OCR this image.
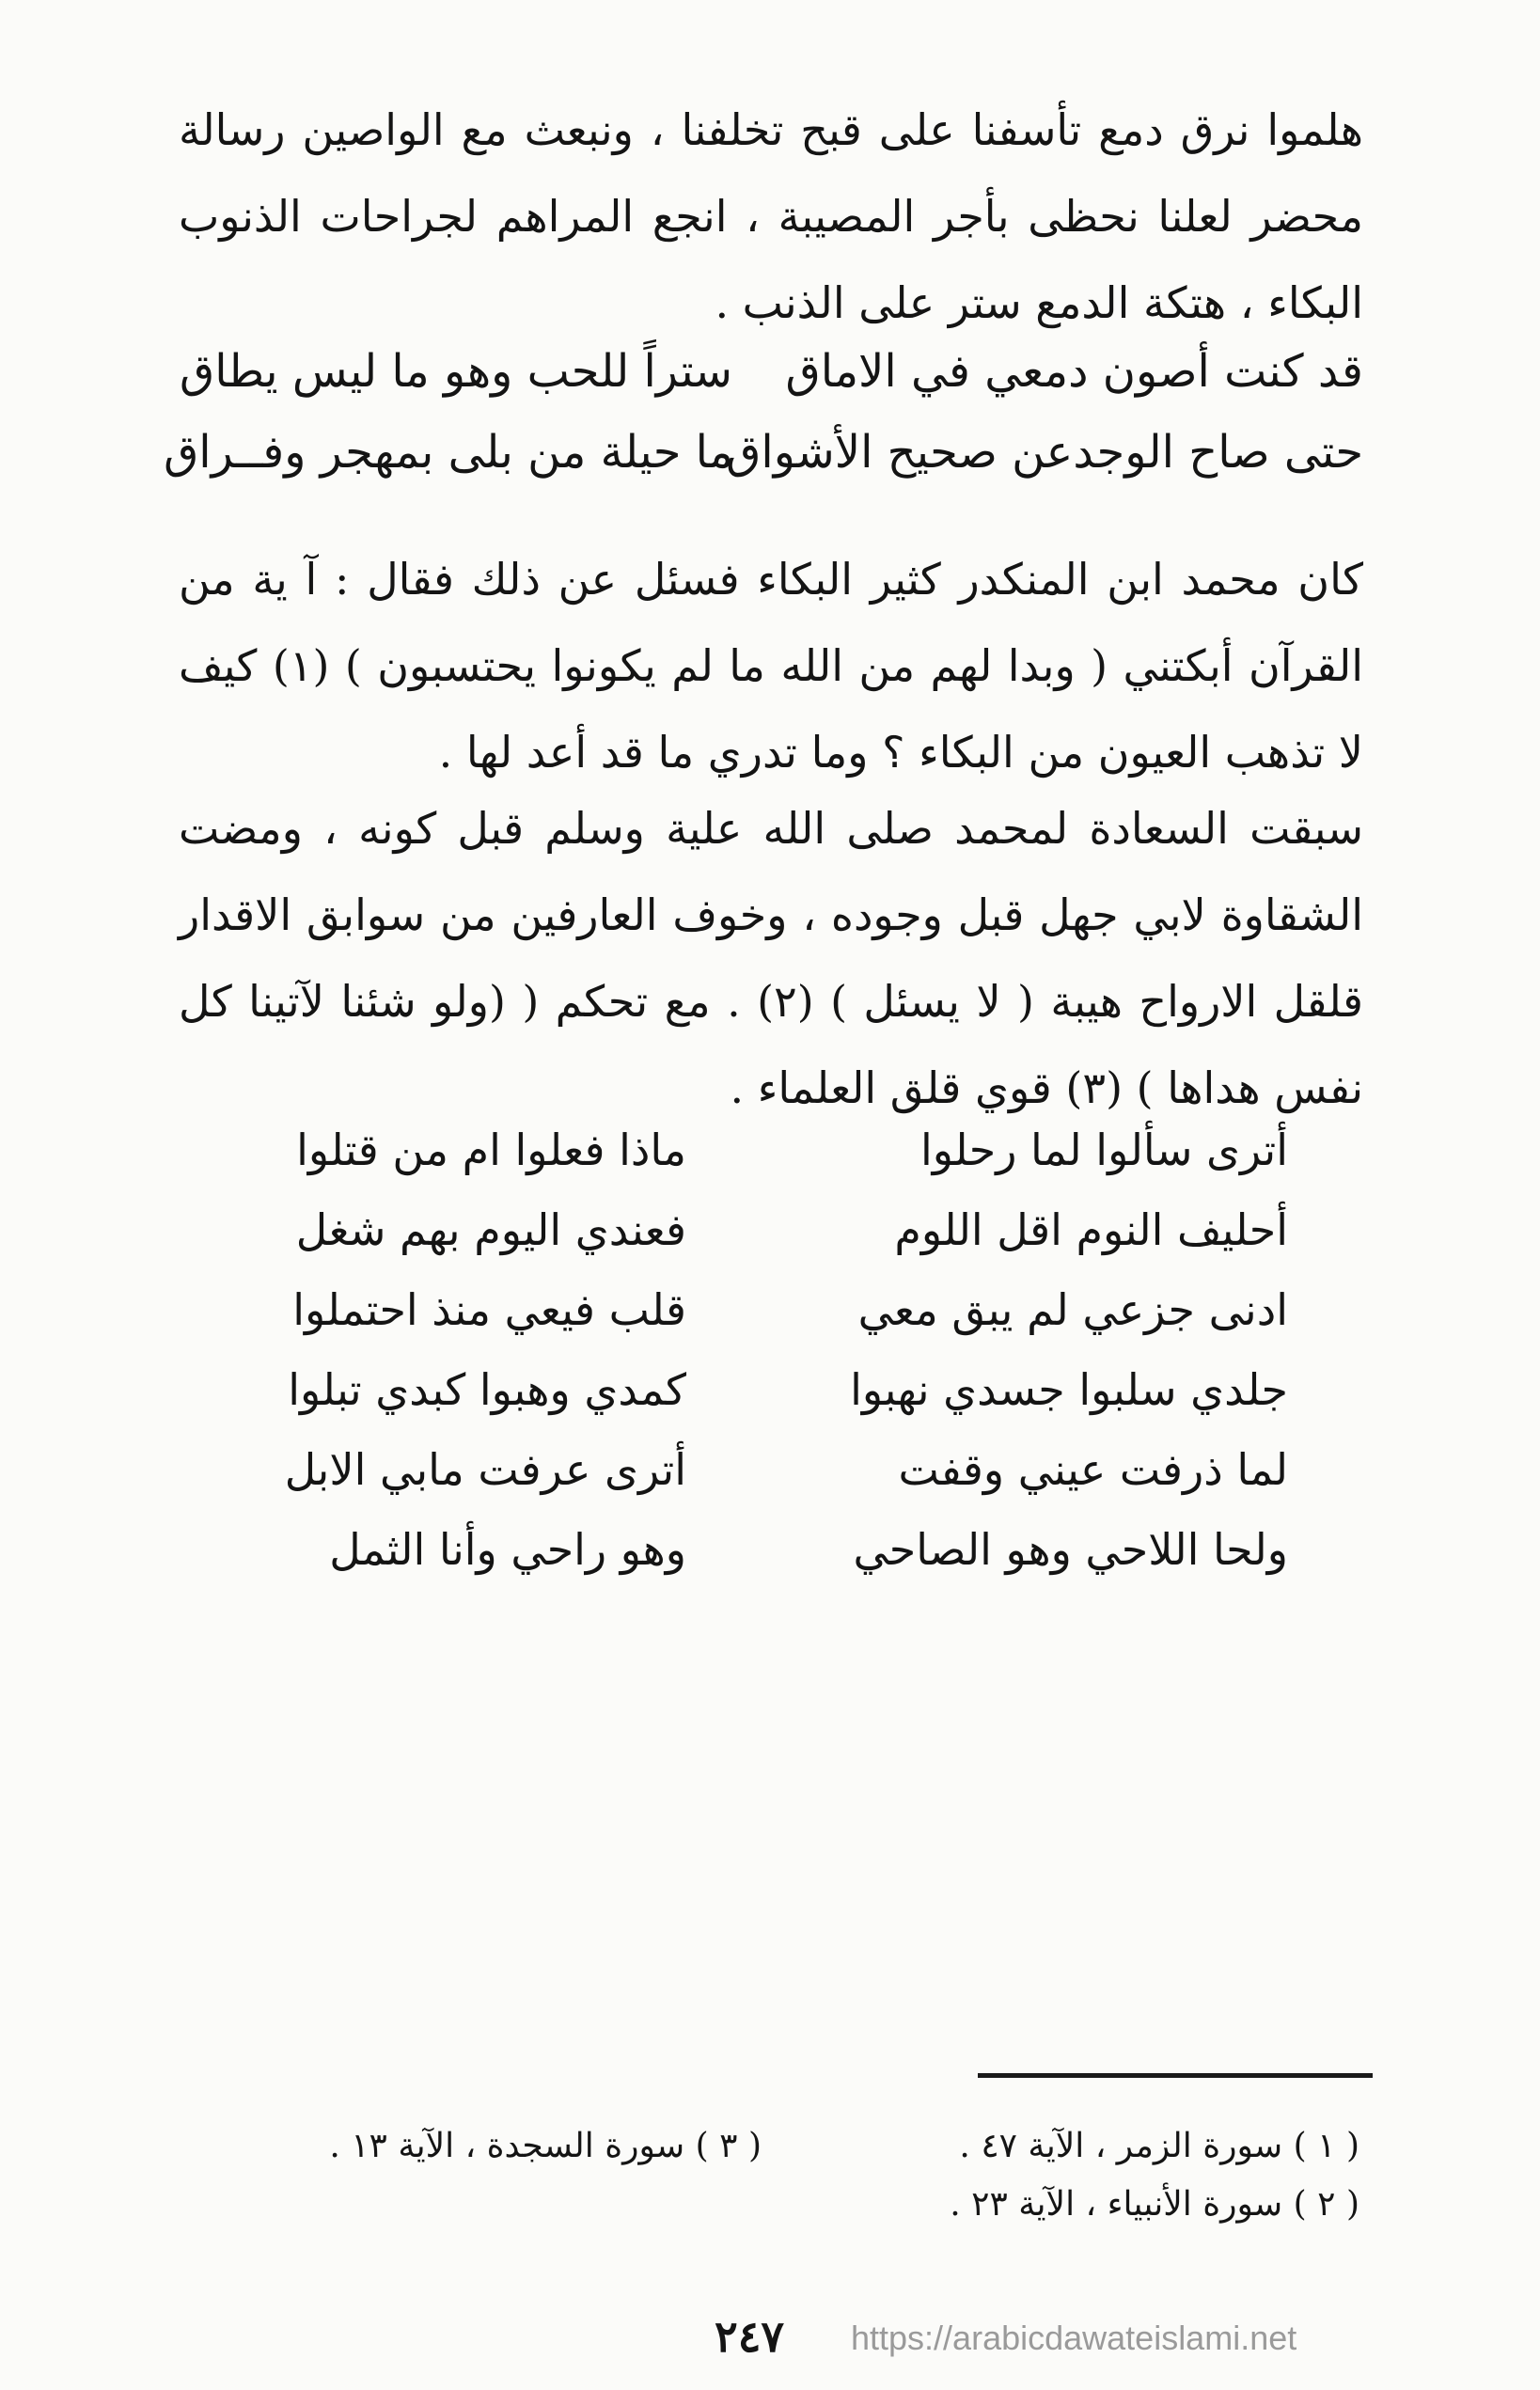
هلموا نرق دمع تأسفنا على قبح تخلفنا ، ونبعث مع الواصين رسالة محضر لعلنا نحظى بأجر المصيبة ، انجع المراهم لجراحات الذنوب البكاء ، هتكة الدمع ستر على الذنب .

قد كنت أصون دمعي في الاماق
ستراً للحب وهو ما ليس يطاق
حتى صاح الوجدعن صحيح الأشواق
ما حيلة من بلى بمهجر وفــراق

كان محمد ابن المنكدر كثير البكاء فسئل عن ذلك فقال : آ ية من القرآن أبكتني ( وبدا لهم من الله ما لم يكونوا يحتسبون ) (١) كيف لا تذهب العيون من البكاء ؟ وما تدري ما قد أعد لها .

سبقت السعادة لمحمد صلى الله علية وسلم قبل كونه ، ومضت الشقاوة لابي جهل قبل وجوده ، وخوف العارفين من سوابق الاقدار قلقل الارواح هيبة ( لا يسئل ) (٢) . مع تحكم ( (ولو شئنا لآتينا كل نفس هداها ) (٣) قوي قلق العلماء .

أترى سألوا لما رحلوا
ماذا فعلوا ام من قتلوا
أحليف النوم اقل اللوم
فعندي اليوم بهم شغل
ادنى جزعي لم يبق معي
قلب فيعي منذ احتملوا
جلدي سلبوا جسدي نهبوا
كمدي وهبوا كبدي تبلوا
لما ذرفت عيني وقفت
أترى عرفت مابي الابل
ولحا اللاحي وهو الصاحي
وهو راحي وأنا الثمل
( ١ ) سورة الزمر ، الآية ٤٧ .
( ٣ ) سورة السجدة ، الآية ١٣ .
( ٢ ) سورة الأنبياء ، الآية ٢٣ .
٢٤٧ https://arabicdawateislami.net
